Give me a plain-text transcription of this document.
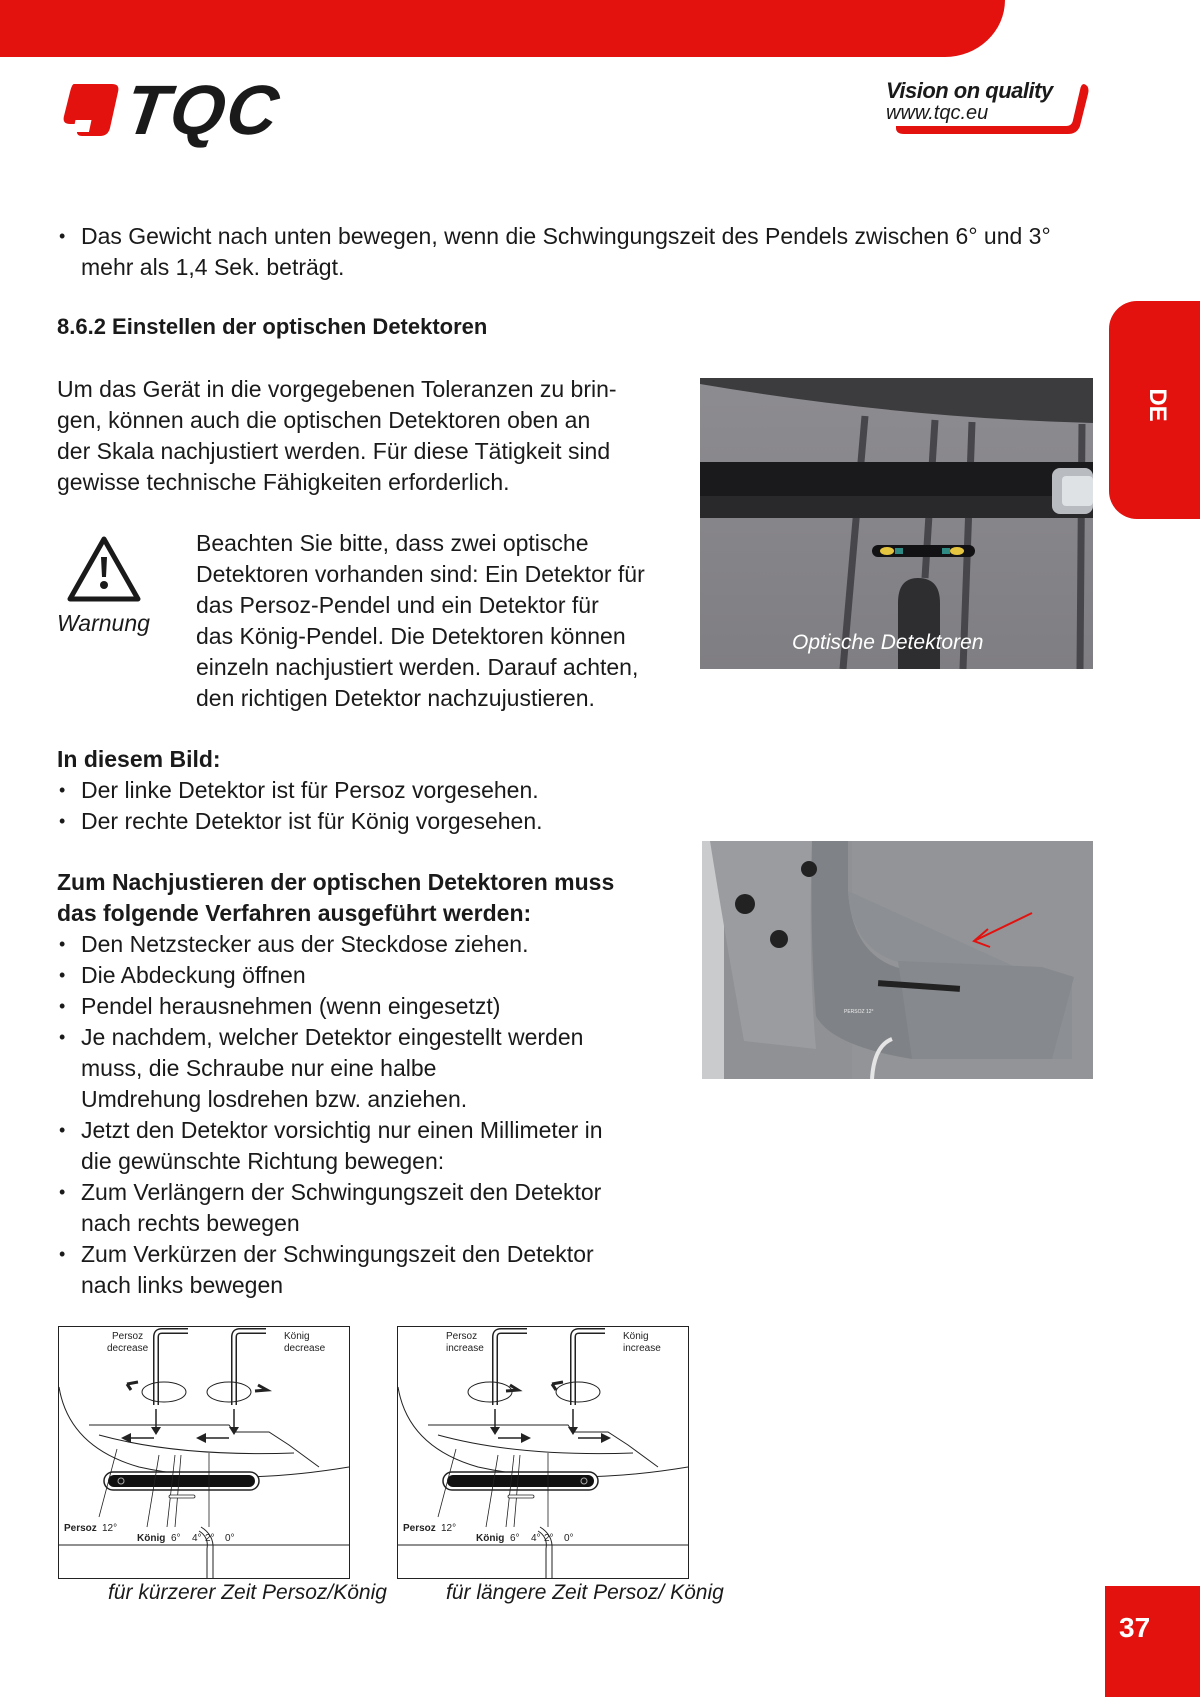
TQC	Vision on quality
www.tqc.eu
DE
• Das Gewicht nach unten bewegen, wenn die Schwingungszeit des Pendels zwischen 6° und 3° mehr als 1,4 Sek. beträgt.
8.6.2 Einstellen der optischen Detektoren
Um das Gerät in die vorgegebenen Toleranzen zu brin-
gen, können auch die optischen Detektoren oben an
der Skala nachjustiert werden. Für diese Tätigkeit sind
gewisse technische Fähigkeiten erforderlich.
Warnung
Beachten Sie bitte, dass zwei optische
Detektoren vorhanden sind: Ein Detektor für
das Persoz-Pendel und ein Detektor für
das König-Pendel. Die Detektoren können
einzeln nachjustiert werden. Darauf achten,
den richtigen Detektor nachzujustieren.
Optische Detektoren
In diesem Bild:
• Der linke Detektor ist für Persoz vorgesehen.
• Der rechte Detektor ist für König vorgesehen.
Zum Nachjustieren der optischen Detektoren muss
das folgende Verfahren ausgeführt werden:
• Den Netzstecker aus der Steckdose ziehen.
• Die Abdeckung öffnen
• Pendel herausnehmen (wenn eingesetzt)
• Je nachdem, welcher Detektor eingestellt werden
muss, die Schraube nur eine halbe
Umdrehung losdrehen bzw. anziehen.
• Jetzt den Detektor vorsichtig nur einen Millimeter in
die gewünschte Richtung bewegen:
• Zum Verlängern der Schwingungszeit den Detektor
nach rechts bewegen
• Zum Verkürzen der Schwingungszeit den Detektor
nach links bewegen
PERSOZ 12°
Persoz
decrease
König
decrease
Persoz 12°
König 6° 4° 2° 0°
für kürzerer Zeit Persoz/König
Persoz
increase
König
increase
Persoz 12°
König 6° 4° 2° 0°
für längere Zeit Persoz/ König
37
